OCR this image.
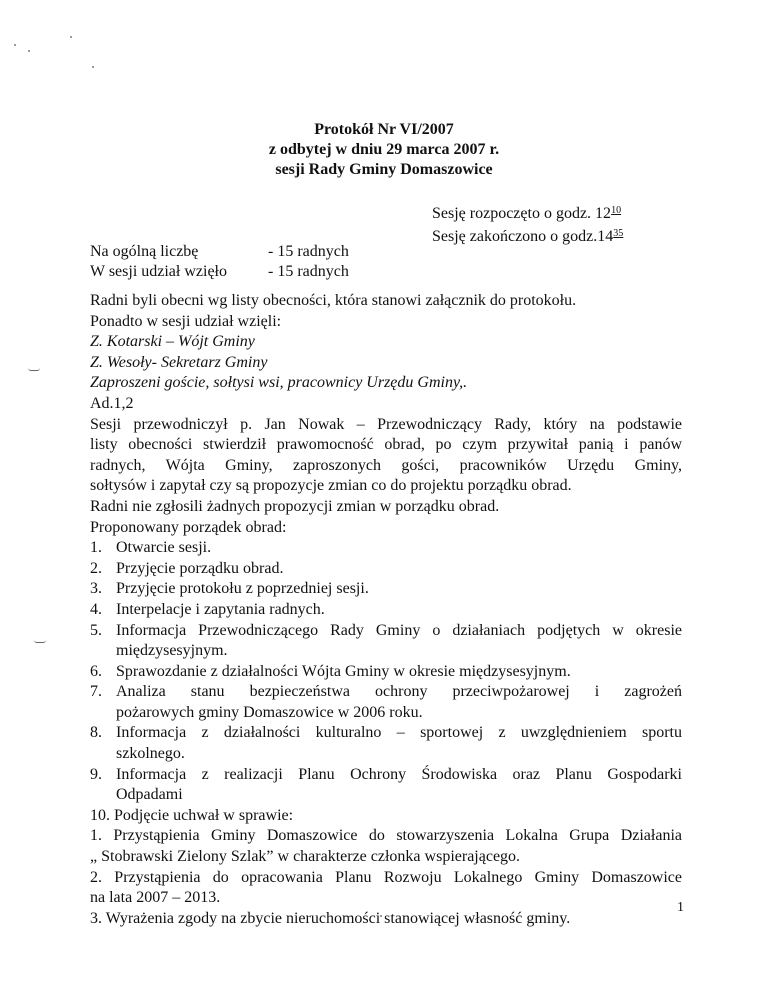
Protokół Nr VI/2007
z odbytej w dniu 29 marca 2007 r.
sesji Rady Gminy Domaszowice
Sesję rozpoczęto o godz. $12^{10}$
Sesję zakończono o $godz.14^{35}$
Na ogólną liczbę	- 15 radnych
W sesji udział wzięło	- 15 radnych
Radni byli obecni wg listy obecności, która stanowi załącznik do protokołu.
Ponadto w sesji udział wzięli:
Z. Kotarski – Wójt Gminy
Z. Wesoły- Sekretarz Gminy
Zaproszeni goście, sołtysi wsi, pracownicy Urzędu Gminy,.
Ad.1,2
Sesji przewodniczył p. Jan Nowak – Przewodniczący Rady, który na podstawie
listy obecności stwierdził prawomocność obrad, po czym przywitał panią i panów
radnych, Wójta Gminy, zaproszonych gości, pracowników Urzędu Gminy,
sołtysów i zapytał czy są propozycje zmian co do projektu porządku obrad.
Radni nie zgłosili żadnych propozycji zmian w porządku obrad.
Proponowany porządek obrad:
1. Otwarcie sesji.
2. Przyjęcie porządku obrad.
3. Przyjęcie protokołu z poprzedniej sesji.
4. Interpelacje i zapytania radnych.
5. Informacja Przewodniczącego Rady Gminy o działaniach podjętych w okresie
międzysesyjnym.
6. Sprawozdanie z działalności Wójta Gminy w okresie międzysesyjnym.
7. Analiza stanu bezpieczeństwa ochrony przeciwpożarowej i zagrożeń
pożarowych gminy Domaszowice w 2006 roku.
8. Informacja z działalności kulturalno – sportowej z uwzględnieniem sportu
szkolnego.
9. Informacja z realizacji Planu Ochrony Środowiska oraz Planu Gospodarki
Odpadami
10. Podjęcie uchwał w sprawie:
1. Przystąpienia Gminy Domaszowice do stowarzyszenia Lokalna Grupa Działania
„ Stobrawski Zielony Szlak” w charakterze członka wspierającego.
2. Przystąpienia do opracowania Planu Rozwoju Lokalnego Gminy Domaszowice
na lata 2007 – 2013.
3. Wyrażenia zgody na zbycie nieruchomości stanowiącej własność gminy.
1
